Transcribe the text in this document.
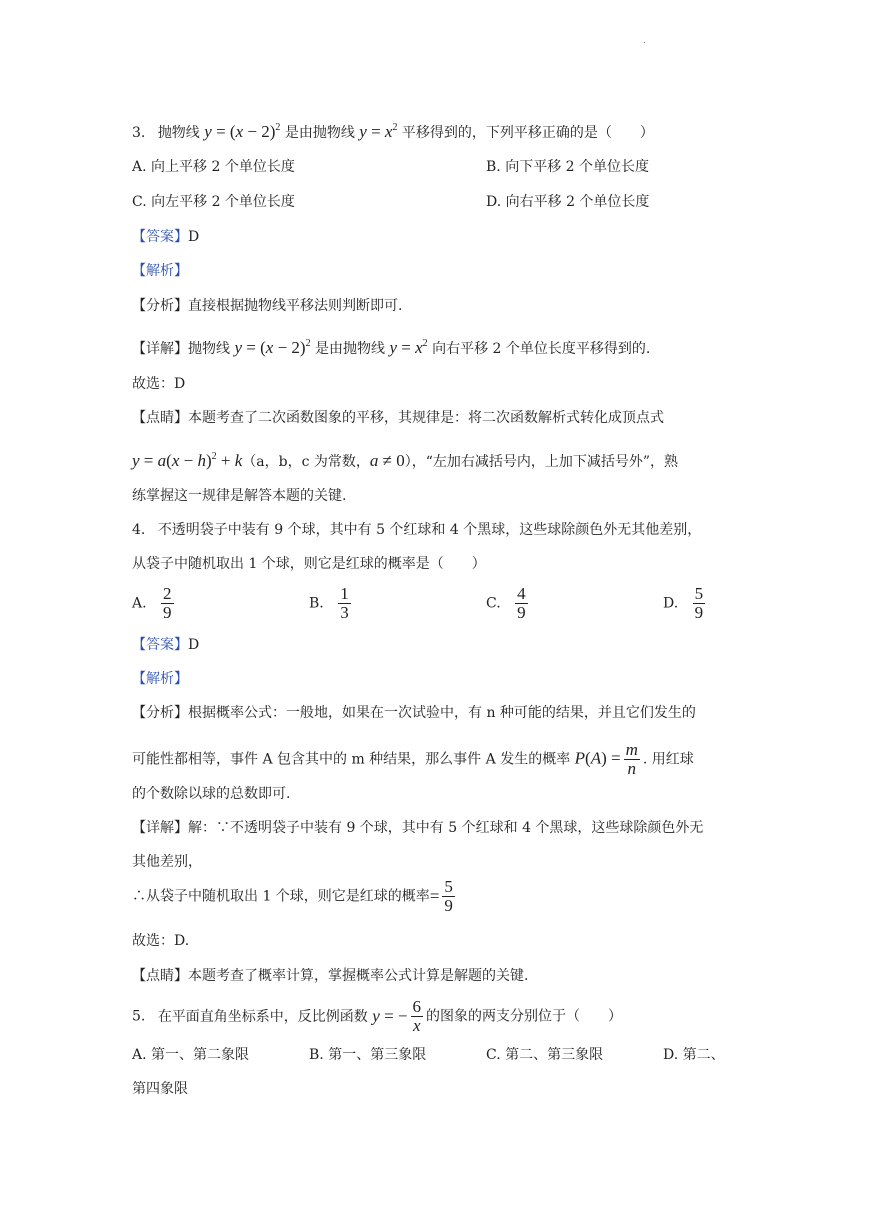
.
3. 抛物线 $y = (x - 2)^2$ 是由抛物线 $y = x^2$ 平移得到的，下列平移正确的是（　　）
A. 向上平移 2 个单位长度	B. 向下平移 2 个单位长度
C. 向左平移 2 个单位长度	D. 向右平移 2 个单位长度
【答案】D
【解析】
【分析】直接根据抛物线平移法则判断即可.
【详解】抛物线 $y = (x - 2)^2$ 是由抛物线 $y = x^2$ 向右平移 2 个单位长度平移得到的.
故选：D
【点睛】本题考查了二次函数图象的平移，其规律是：将二次函数解析式转化成顶点式
$y = a(x - h)^2 + k(a$，b，c 为常数，a ≠ 0），“左加右减括号内，上加下减括号外”，熟
练掌握这一规律是解答本题的关键.
4. 不透明袋子中装有 9 个球，其中有 5 个红球和 4 个黑球，这些球除颜色外无其他差别，
从袋子中随机取出 1 个球，则它是红球的概率是（　　）
A. $\frac{2}{9}$	B. $\frac{1}{3}$	C. $\frac{4}{9}$	D. $\frac{5}{9}$
【答案】D
【解析】
【分析】根据概率公式：一般地，如果在一次试验中，有 n 种可能的结果，并且它们发生的
可能性都相等，事件 A 包含其中的 m 种结果，那么事件 A 发生的概率 $P(A) = \frac{m}{n}$ . 用红球
的个数除以球的总数即可.
【详解】解：∵不透明袋子中装有 9 个球，其中有 5 个红球和 4 个黑球，这些球除颜色外无
其他差别，
∴从袋子中随机取出 1 个球，则它是红球的概率= $\frac{5}{9}$
故选：D.
【点睛】本题考查了概率计算，掌握概率公式计算是解题的关键.
5. 在平面直角坐标系中，反比例函数 y = − $\frac{6}{x}$ 的图象的两支分别位于（　　）
A. 第一、第二象限	B. 第一、第三象限	C. 第二、第三象限	D. 第二、
第四象限
